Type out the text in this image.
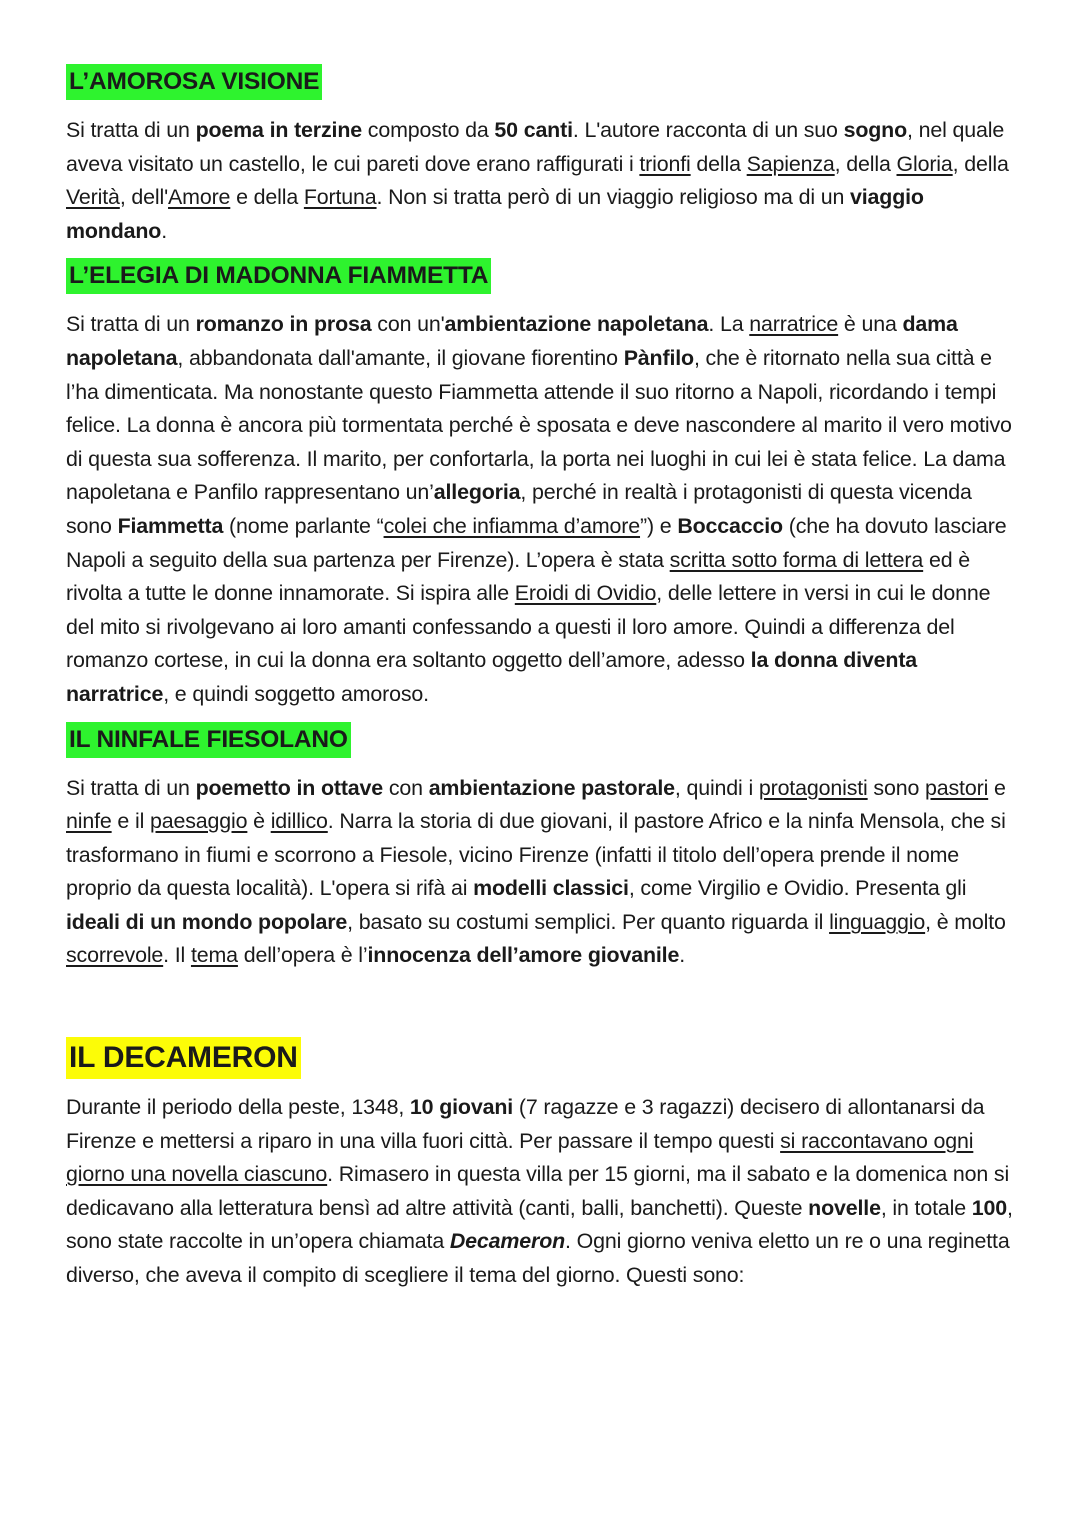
L’AMOROSA VISIONE

Si tratta di un poema in terzine composto da 50 canti. L'autore racconta di un suo sogno, nel quale aveva visitato un castello, le cui pareti dove erano raffigurati i trionfi della Sapienza, della Gloria, della Verità, dell'Amore e della Fortuna. Non si tratta però di un viaggio religioso ma di un viaggio mondano.

L’ELEGIA DI MADONNA FIAMMETTA

Si tratta di un romanzo in prosa con un'ambientazione napoletana. La narratrice è una dama napoletana, abbandonata dall'amante, il giovane fiorentino Pànfilo, che è ritornato nella sua città e l’ha dimenticata. Ma nonostante questo Fiammetta attende il suo ritorno a Napoli, ricordando i tempi felice. La donna è ancora più tormentata perché è sposata e deve nascondere al marito il vero motivo di questa sua sofferenza. Il marito, per confortarla, la porta nei luoghi in cui lei è stata felice. La dama napoletana e Panfilo rappresentano un’allegoria, perché in realtà i protagonisti di questa vicenda sono Fiammetta (nome parlante “colei che infiamma d’amore”) e Boccaccio (che ha dovuto lasciare Napoli a seguito della sua partenza per Firenze). L’opera è stata scritta sotto forma di lettera ed è rivolta a tutte le donne innamorate. Si ispira alle Eroidi di Ovidio, delle lettere in versi in cui le donne del mito si rivolgevano ai loro amanti confessando a questi il loro amore. Quindi a differenza del romanzo cortese, in cui la donna era soltanto oggetto dell’amore, adesso la donna diventa narratrice, e quindi soggetto amoroso.

IL NINFALE FIESOLANO

Si tratta di un poemetto in ottave con ambientazione pastorale, quindi i protagonisti sono pastori e ninfe e il paesaggio è idillico. Narra la storia di due giovani, il pastore Africo e la ninfa Mensola, che si trasformano in fiumi e scorrono a Fiesole, vicino Firenze (infatti il titolo dell’opera prende il nome proprio da questa località). L'opera si rifà ai modelli classici, come Virgilio e Ovidio. Presenta gli ideali di un mondo popolare, basato su costumi semplici. Per quanto riguarda il linguaggio, è molto scorrevole. Il tema dell’opera è l’innocenza dell’amore giovanile.

IL DECAMERON

Durante il periodo della peste, 1348, 10 giovani (7 ragazze e 3 ragazzi) decisero di allontanarsi da Firenze e mettersi a riparo in una villa fuori città. Per passare il tempo questi si raccontavano ogni giorno una novella ciascuno. Rimasero in questa villa per 15 giorni, ma il sabato e la domenica non si dedicavano alla letteratura bensì ad altre attività (canti, balli, banchetti). Queste novelle, in totale 100, sono state raccolte in un’opera chiamata Decameron. Ogni giorno veniva eletto un re o una reginetta diverso, che aveva il compito di scegliere il tema del giorno. Questi sono:
